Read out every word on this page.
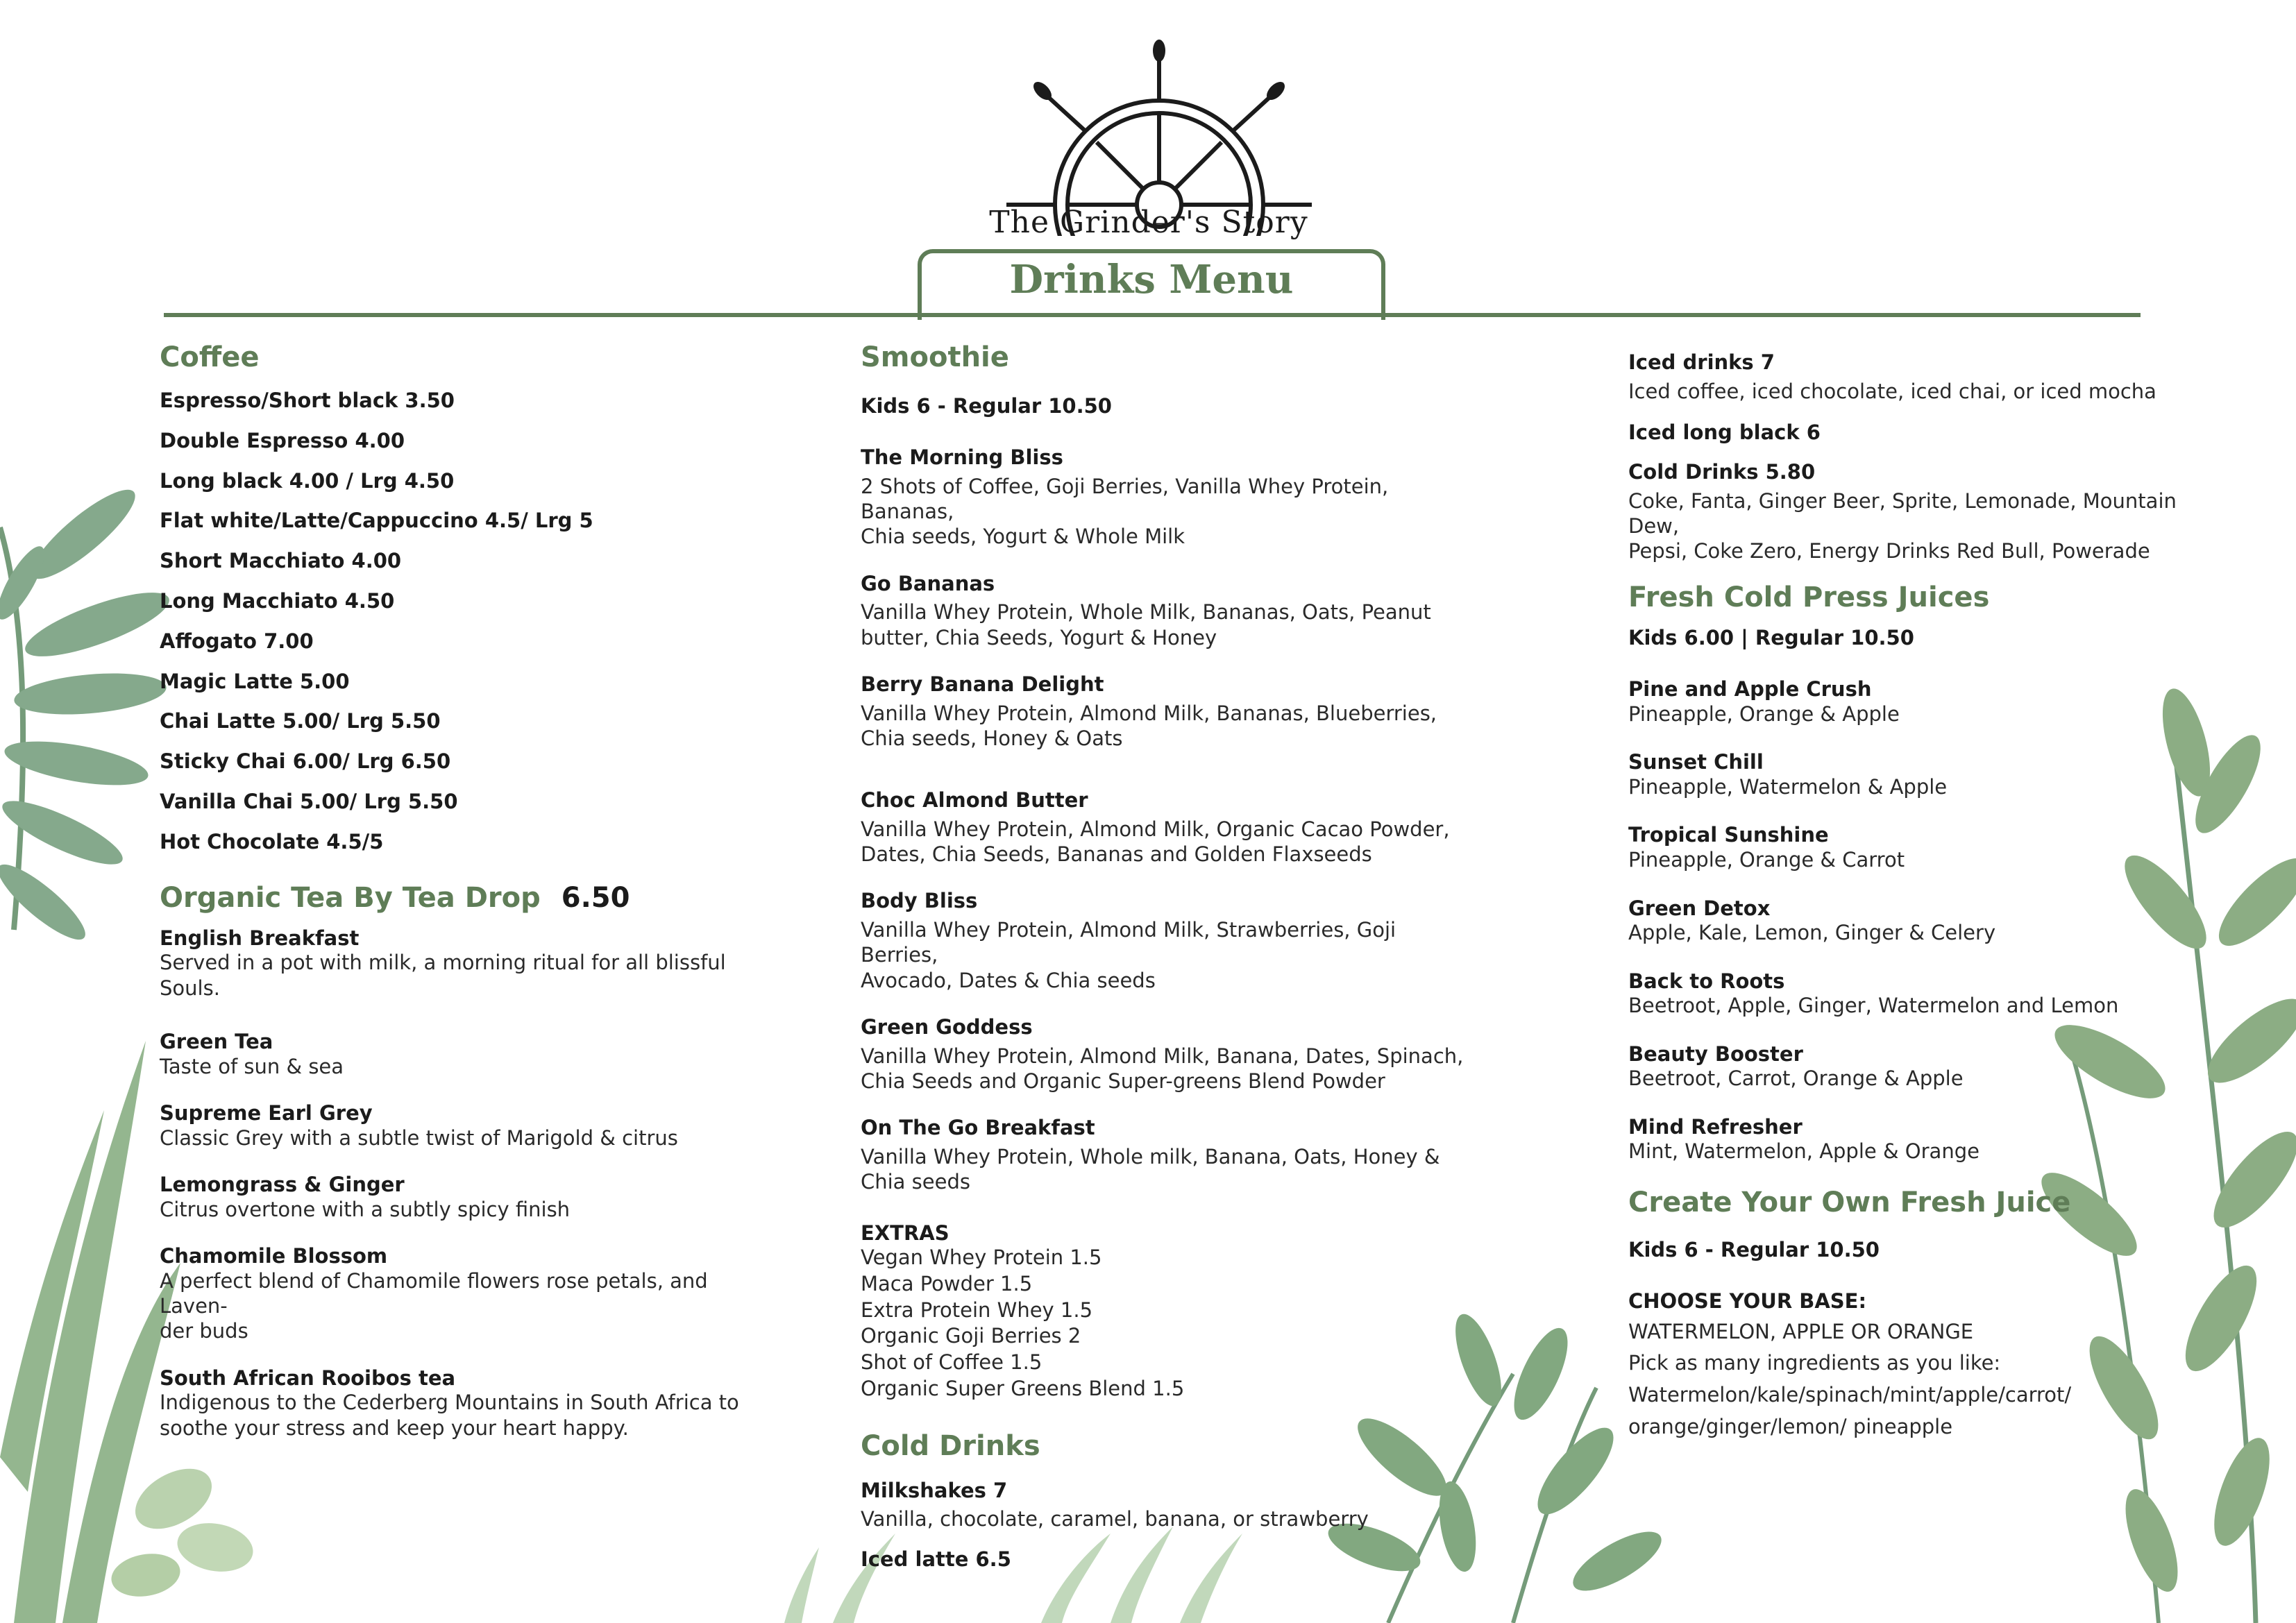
The Grinder's Story
Drinks Menu
Coffee
Espresso/Short black 3.50
Double Espresso 4.00
Long black 4.00 / Lrg 4.50
Flat white/Latte/Cappuccino 4.5/ Lrg 5
Short Macchiato 4.00
Long Macchiato 4.50
Affogato 7.00
Magic Latte 5.00
Chai Latte 5.00/ Lrg 5.50
Sticky Chai 6.00/ Lrg 6.50
Vanilla Chai 5.00/ Lrg 5.50
Hot Chocolate 4.5/5
Organic Tea By Tea Drop 6.50
English Breakfast
Served in a pot with milk, a morning ritual for all blissful Souls.
Green Tea
Taste of sun & sea
Supreme Earl Grey
Classic Grey with a subtle twist of Marigold & citrus
Lemongrass & Ginger
Citrus overtone with a subtly spicy finish
Chamomile Blossom
A perfect blend of Chamomile flowers rose petals, and Laven-
der buds
South African Rooibos tea
Indigenous to the Cederberg Mountains in South Africa to
soothe your stress and keep your heart happy.
Smoothie
Kids 6 - Regular 10.50
The Morning Bliss
2 Shots of Coffee, Goji Berries, Vanilla Whey Protein, Bananas,
Chia seeds, Yogurt & Whole Milk
Go Bananas
Vanilla Whey Protein, Whole Milk, Bananas, Oats, Peanut
butter, Chia Seeds, Yogurt & Honey
Berry Banana Delight
Vanilla Whey Protein, Almond Milk, Bananas, Blueberries,
Chia seeds, Honey & Oats
Choc Almond Butter
Vanilla Whey Protein, Almond Milk, Organic Cacao Powder,
Dates, Chia Seeds, Bananas and Golden Flaxseeds
Body Bliss
Vanilla Whey Protein, Almond Milk, Strawberries, Goji Berries,
Avocado, Dates & Chia seeds
Green Goddess
Vanilla Whey Protein, Almond Milk, Banana, Dates, Spinach,
Chia Seeds and Organic Super-greens Blend Powder
On The Go Breakfast
Vanilla Whey Protein, Whole milk, Banana, Oats, Honey &
Chia seeds
EXTRAS
Vegan Whey Protein 1.5
Maca Powder 1.5
Extra Protein Whey 1.5
Organic Goji Berries 2
Shot of Coffee 1.5
Organic Super Greens Blend 1.5
Cold Drinks
Milkshakes 7
Vanilla, chocolate, caramel, banana, or strawberry
Iced latte 6.5
Iced drinks 7
Iced coffee, iced chocolate, iced chai, or iced mocha
Iced long black 6
Cold Drinks 5.80
Coke, Fanta, Ginger Beer, Sprite, Lemonade, Mountain Dew,
Pepsi, Coke Zero, Energy Drinks Red Bull, Powerade
Fresh Cold Press Juices
Kids 6.00 | Regular 10.50
Pine and Apple Crush
Pineapple, Orange & Apple
Sunset Chill
Pineapple, Watermelon & Apple
Tropical Sunshine
Pineapple, Orange & Carrot
Green Detox
Apple, Kale, Lemon, Ginger & Celery
Back to Roots
Beetroot, Apple, Ginger, Watermelon and Lemon
Beauty Booster
Beetroot, Carrot, Orange & Apple
Mind Refresher
Mint, Watermelon, Apple & Orange
Create Your Own Fresh Juice
Kids 6 - Regular 10.50
CHOOSE YOUR BASE:
WATERMELON, APPLE OR ORANGE
Pick as many ingredients as you like:
Watermelon/kale/spinach/mint/apple/carrot/
orange/ginger/lemon/ pineapple
